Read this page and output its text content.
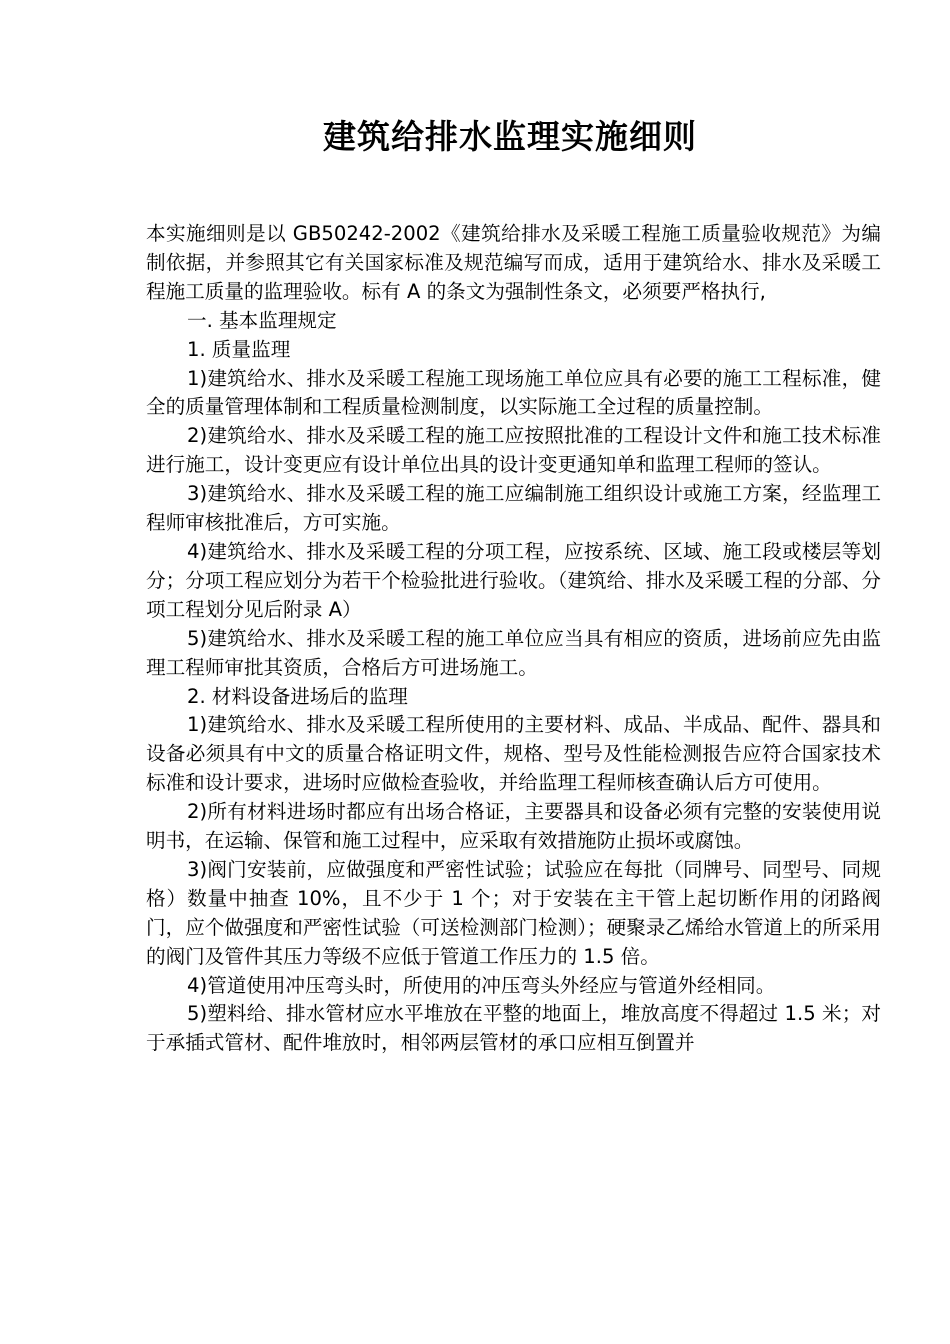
建筑给排水监理实施细则

本实施细则是以 GB50242-2002《建筑给排水及采暖工程施工质量验收规范》为编制依据，并参照其它有关国家标准及规范编写而成，适用于建筑给水、排水及采暖工程施工质量的监理验收。标有 A 的条文为强制性条文，必须要严格执行,

一. 基本监理规定

1. 质量监理

1)建筑给水、排水及采暖工程施工现场施工单位应具有必要的施工工程标准，健全的质量管理体制和工程质量检测制度，以实际施工全过程的质量控制。

2)建筑给水、排水及采暖工程的施工应按照批准的工程设计文件和施工技术标准进行施工，设计变更应有设计单位出具的设计变更通知单和监理工程师的签认。

3)建筑给水、排水及采暖工程的施工应编制施工组织设计或施工方案，经监理工程师审核批准后，方可实施。

4)建筑给水、排水及采暖工程的分项工程，应按系统、区域、施工段或楼层等划分；分项工程应划分为若干个检验批进行验收。（建筑给、排水及采暖工程的分部、分项工程划分见后附录 A）

5)建筑给水、排水及采暖工程的施工单位应当具有相应的资质，进场前应先由监理工程师审批其资质，合格后方可进场施工。

2. 材料设备进场后的监理

1)建筑给水、排水及采暖工程所使用的主要材料、成品、半成品、配件、器具和设备必须具有中文的质量合格证明文件，规格、型号及性能检测报告应符合国家技术标准和设计要求，进场时应做检查验收，并给监理工程师核查确认后方可使用。

2)所有材料进场时都应有出场合格证，主要器具和设备必须有完整的安装使用说明书，在运输、保管和施工过程中，应采取有效措施防止损坏或腐蚀。

3)阀门安装前，应做强度和严密性试验；试验应在每批（同牌号、同型号、同规格）数量中抽查 10%，且不少于 1 个；对于安装在主干管上起切断作用的闭路阀门，应个做强度和严密性试验（可送检测部门检测）；硬聚录乙烯给水管道上的所采用的阀门及管件其压力等级不应低于管道工作压力的 1.5 倍。

4)管道使用冲压弯头时，所使用的冲压弯头外经应与管道外经相同。

5)塑料给、排水管材应水平堆放在平整的地面上，堆放高度不得超过 1.5 米；对于承插式管材、配件堆放时，相邻两层管材的承口应相互倒置并
